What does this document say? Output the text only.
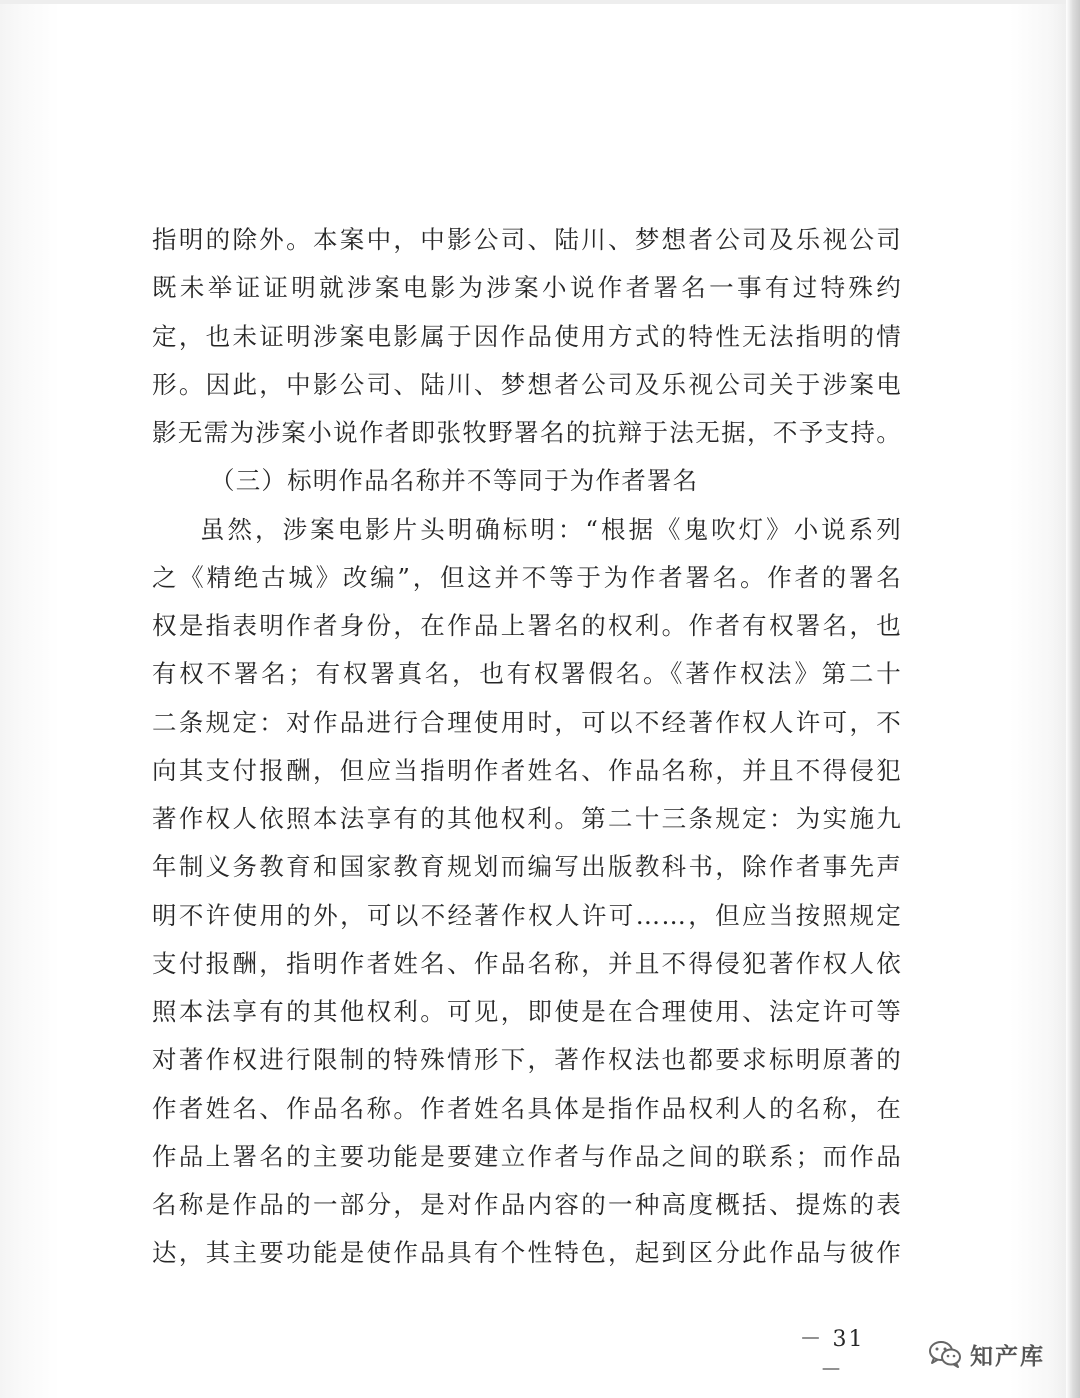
指明的除外。本案中，中影公司、陆川、梦想者公司及乐视公司
既未举证证明就涉案电影为涉案小说作者署名一事有过特殊约
定，也未证明涉案电影属于因作品使用方式的特性无法指明的情
形。因此，中影公司、陆川、梦想者公司及乐视公司关于涉案电
影无需为涉案小说作者即张牧野署名的抗辩于法无据，不予支持。
（三）标明作品名称并不等同于为作者署名
虽然，涉案电影片头明确标明：“根据《鬼吹灯》小说系列
之《精绝古城》改编”，但这并不等于为作者署名。作者的署名
权是指表明作者身份，在作品上署名的权利。作者有权署名，也
有权不署名；有权署真名，也有权署假名。《著作权法》第二十
二条规定：对作品进行合理使用时，可以不经著作权人许可，不
向其支付报酬，但应当指明作者姓名、作品名称，并且不得侵犯
著作权人依照本法享有的其他权利。第二十三条规定：为实施九
年制义务教育和国家教育规划而编写出版教科书，除作者事先声
明不许使用的外，可以不经著作权人许可……，但应当按照规定
支付报酬，指明作者姓名、作品名称，并且不得侵犯著作权人依
照本法享有的其他权利。可见，即使是在合理使用、法定许可等
对著作权进行限制的特殊情形下，著作权法也都要求标明原著的
作者姓名、作品名称。作者姓名具体是指作品权利人的名称，在
作品上署名的主要功能是要建立作者与作品之间的联系；而作品
名称是作品的一部分，是对作品内容的一种高度概括、提炼的表
达，其主要功能是使作品具有个性特色，起到区分此作品与彼作
－ 31 －
知产库
